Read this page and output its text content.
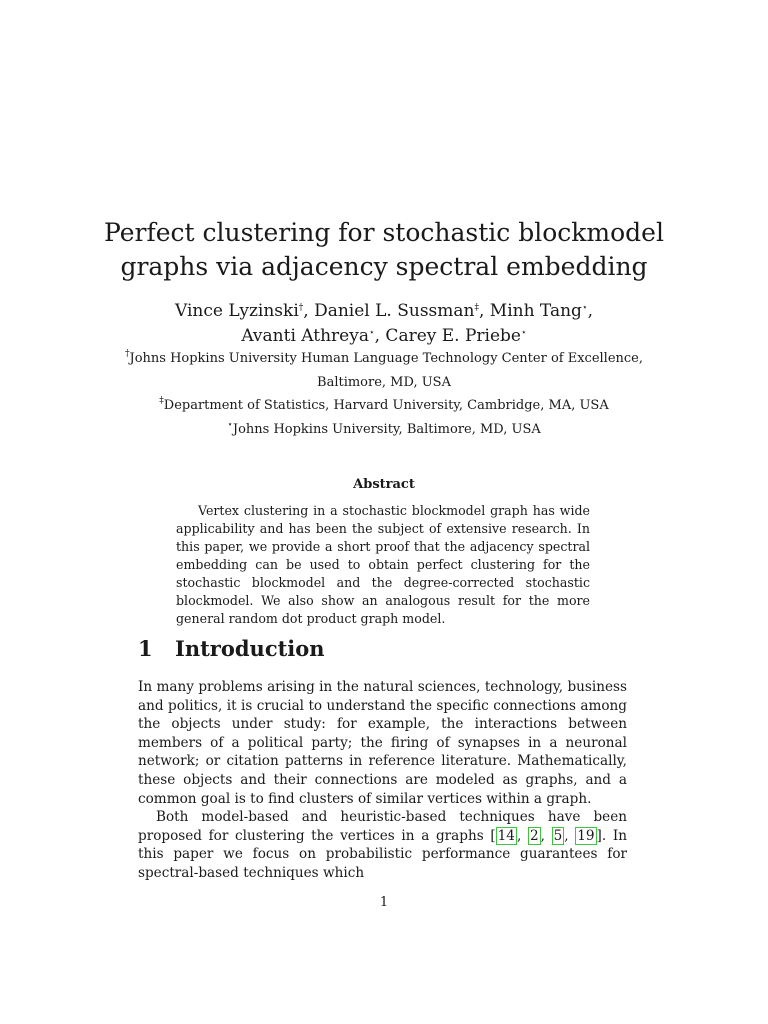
Perfect clustering for stochastic blockmodel
graphs via adjacency spectral embedding
Vince Lyzinski†, Daniel L. Sussman‡, Minh Tang⋆,
Avanti Athreya⋆, Carey E. Priebe⋆
†Johns Hopkins University Human Language Technology Center of Excellence,
Baltimore, MD, USA
‡Department of Statistics, Harvard University, Cambridge, MA, USA
⋆Johns Hopkins University, Baltimore, MD, USA
Abstract
Vertex clustering in a stochastic blockmodel graph has wide applicability and has been the subject of extensive research. In this paper, we provide a short proof that the adjacency spectral embedding can be used to obtain perfect clustering for the stochastic blockmodel and the degree-corrected stochastic blockmodel. We also show an analogous result for the more general random dot product graph model.
1 Introduction

In many problems arising in the natural sciences, technology, business and politics, it is crucial to understand the specific connections among the objects under study: for example, the interactions between members of a political party; the firing of synapses in a neuronal network; or citation patterns in reference literature. Mathematically, these objects and their connections are modeled as graphs, and a common goal is to find clusters of similar vertices within a graph.

Both model-based and heuristic-based techniques have been proposed for clustering the vertices in a graphs [ 14 , 2 , 5 , 19 ]. In this paper we focus on probabilistic performance guarantees for spectral-based techniques which

1
